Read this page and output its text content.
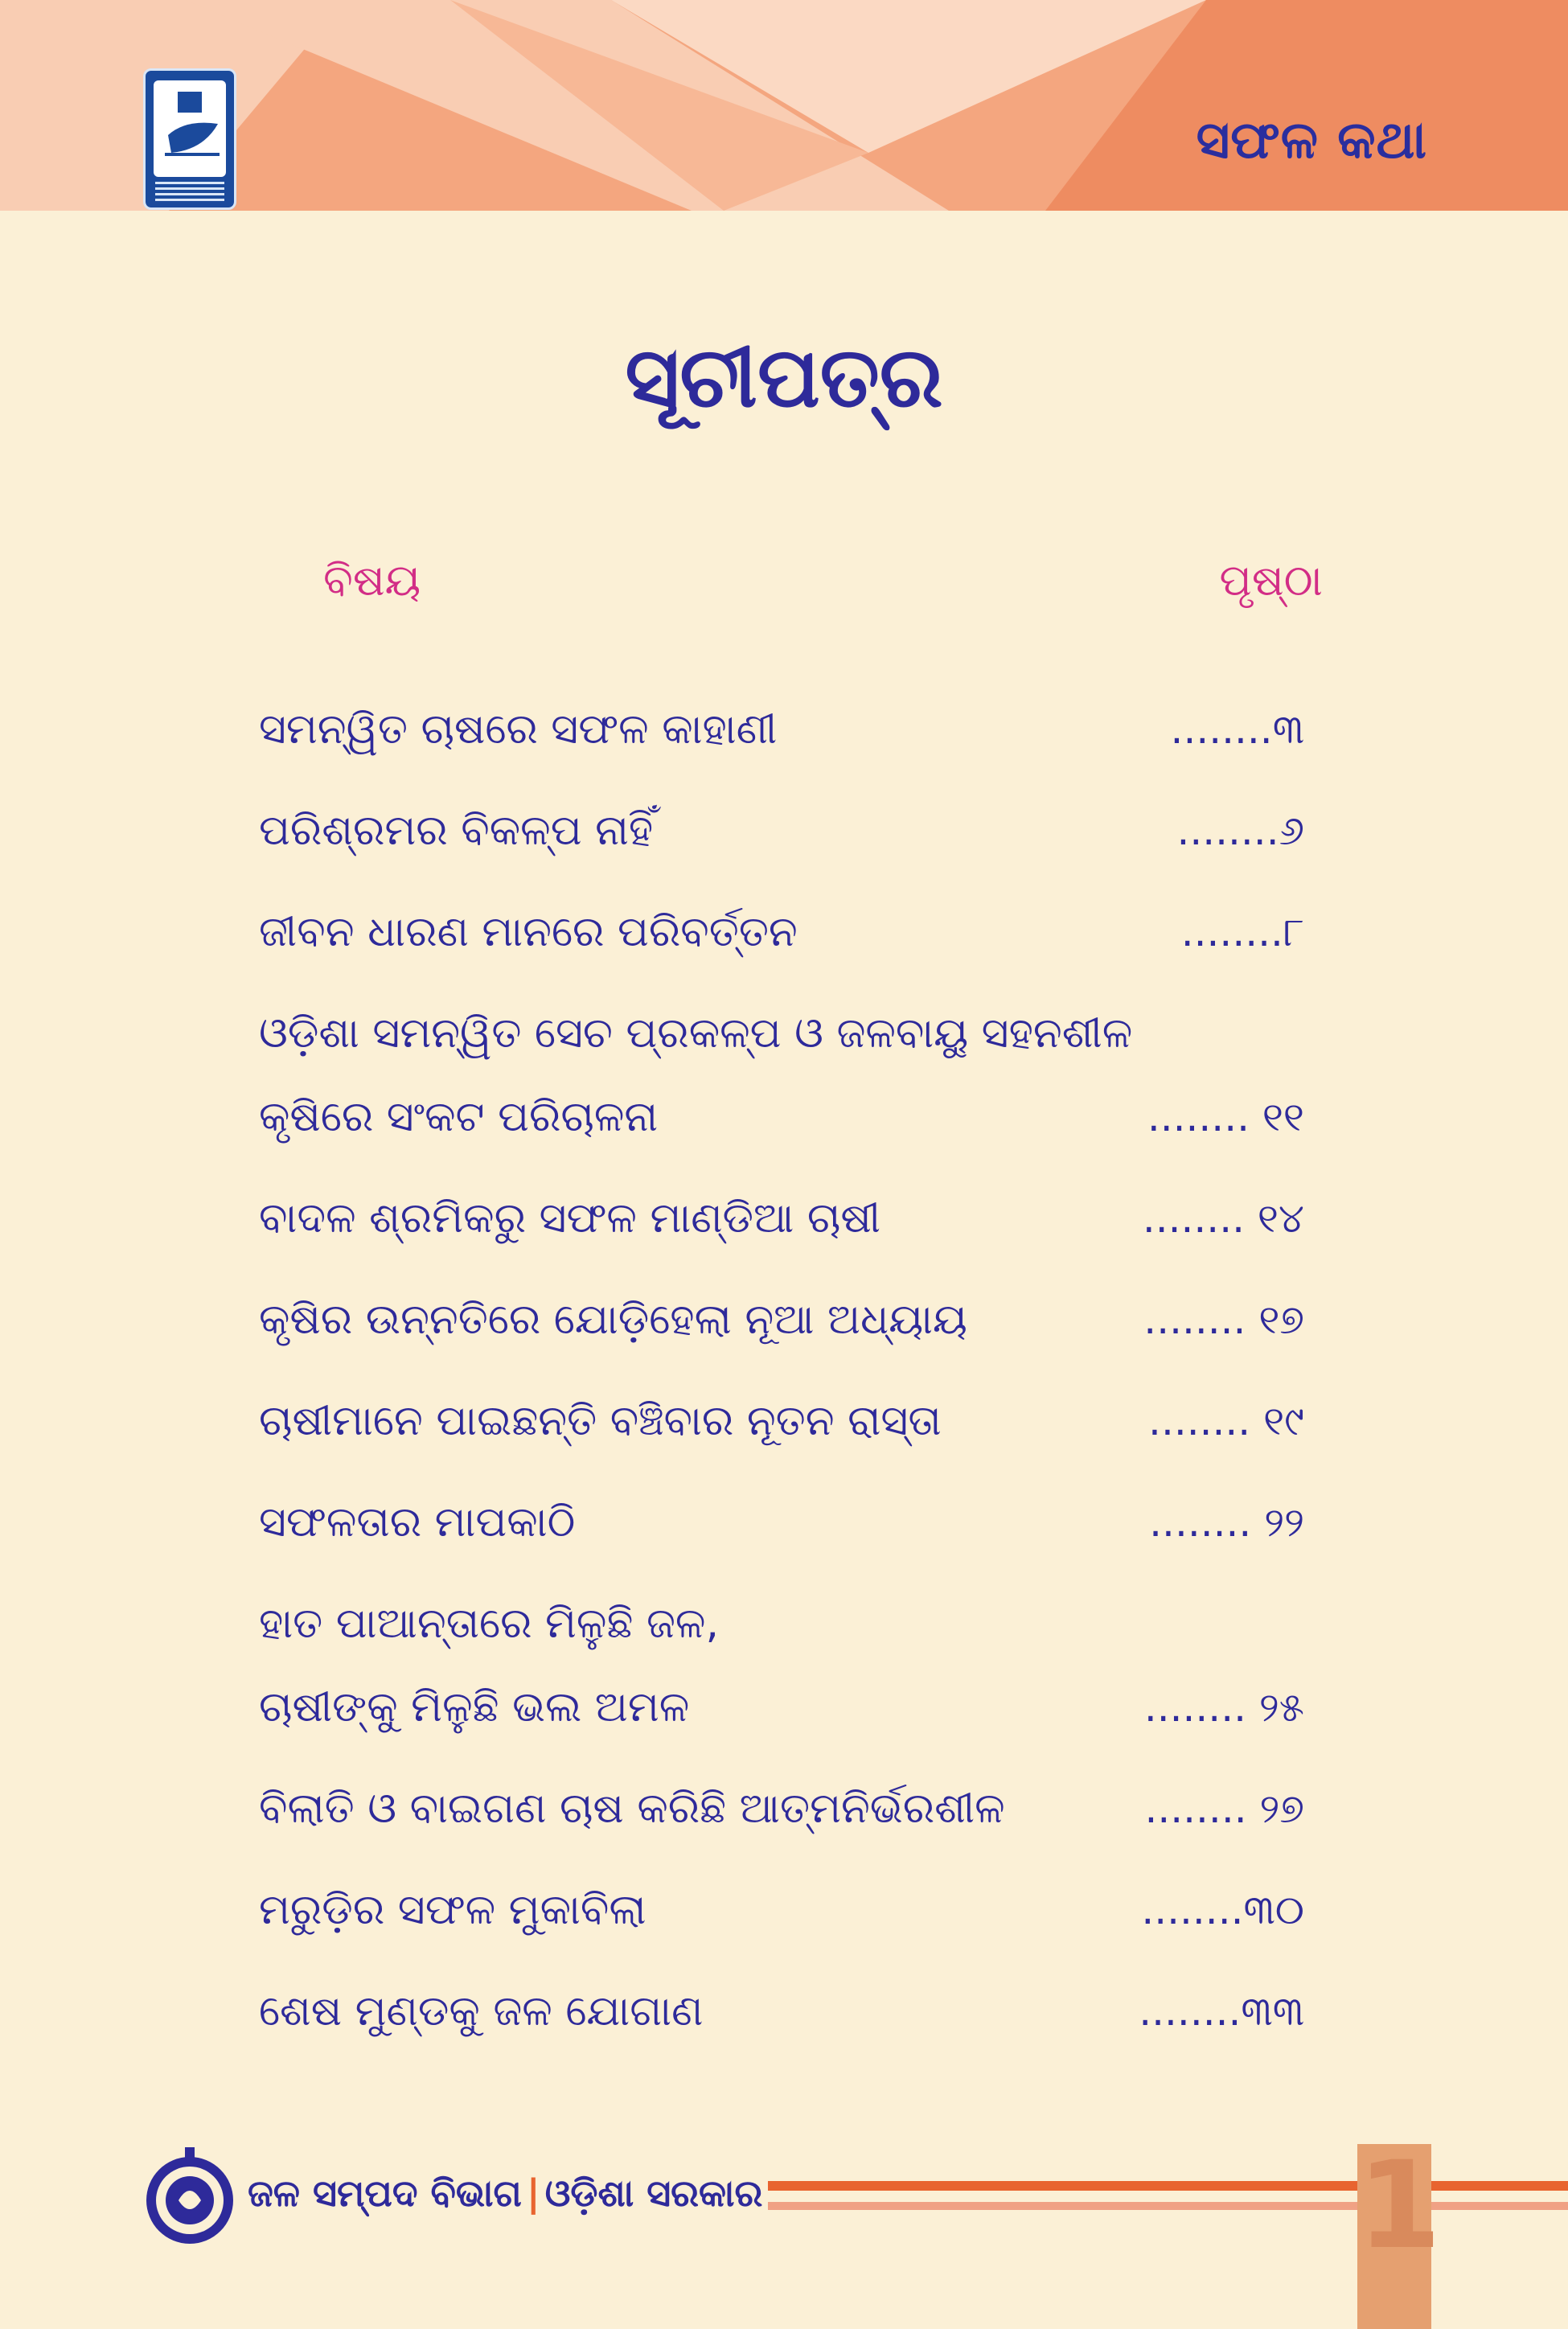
ସଫଳ କଥା
ସୂଚୀପତ୍ର
ବିଷୟ	ପୃଷ୍ଠା
ସମନ୍ୱିତ ଚାଷରେ ସଫଳ କାହାଣୀ	........୩
ପରିଶ୍ରମର ବିକଳ୍ପ ନାହିଁ	........୬
ଜୀବନ ଧାରଣ ମାନରେ ପରିବର୍ତ୍ତନ	........୮
ଓଡ଼ିଶା ସମନ୍ୱିତ ସେଚ ପ୍ରକଳ୍ପ ଓ ଜଳବାୟୁ ସହନଶୀଳ
କୃଷିରେ ସଂକଟ ପରିଚାଳନା	........ ୧୧
ବାଦଳ ଶ୍ରମିକରୁ ସଫଳ ମାଣ୍ଡିଆ ଚାଷୀ	........ ୧୪
କୃଷିର ଉନ୍ନତିରେ ଯୋଡ଼ିହେଲା ନୂଆ ଅଧ୍ୟାୟ	........ ୧୭
ଚାଷୀମାନେ ପାଇଛନ୍ତି ବଞ୍ଚିବାର ନୂତନ ରାସ୍ତା	........ ୧୯
ସଫଳତାର ମାପକାଠି	........ ୨୨
ହାତ ପାଆନ୍ତାରେ ମିଳୁଛି ଜଳ,
ଚାଷୀଙ୍କୁ ମିଳୁଛି ଭଲ ଅମଳ	........ ୨୫
ବିଲାତି ଓ ବାଇଗଣ ଚାଷ କରିଛି ଆତ୍ମନିର୍ଭରଶୀଳ	........ ୨୭
ମରୁଡ଼ିର ସଫଳ ମୁକାବିଲା	........୩୦
ଶେଷ ମୁଣ୍ଡକୁ ଜଳ ଯୋଗାଣ	........୩୩
ଜଳ ସମ୍ପଦ ବିଭାଗ | ଓଡ଼ିଶା ସରକାର	1
